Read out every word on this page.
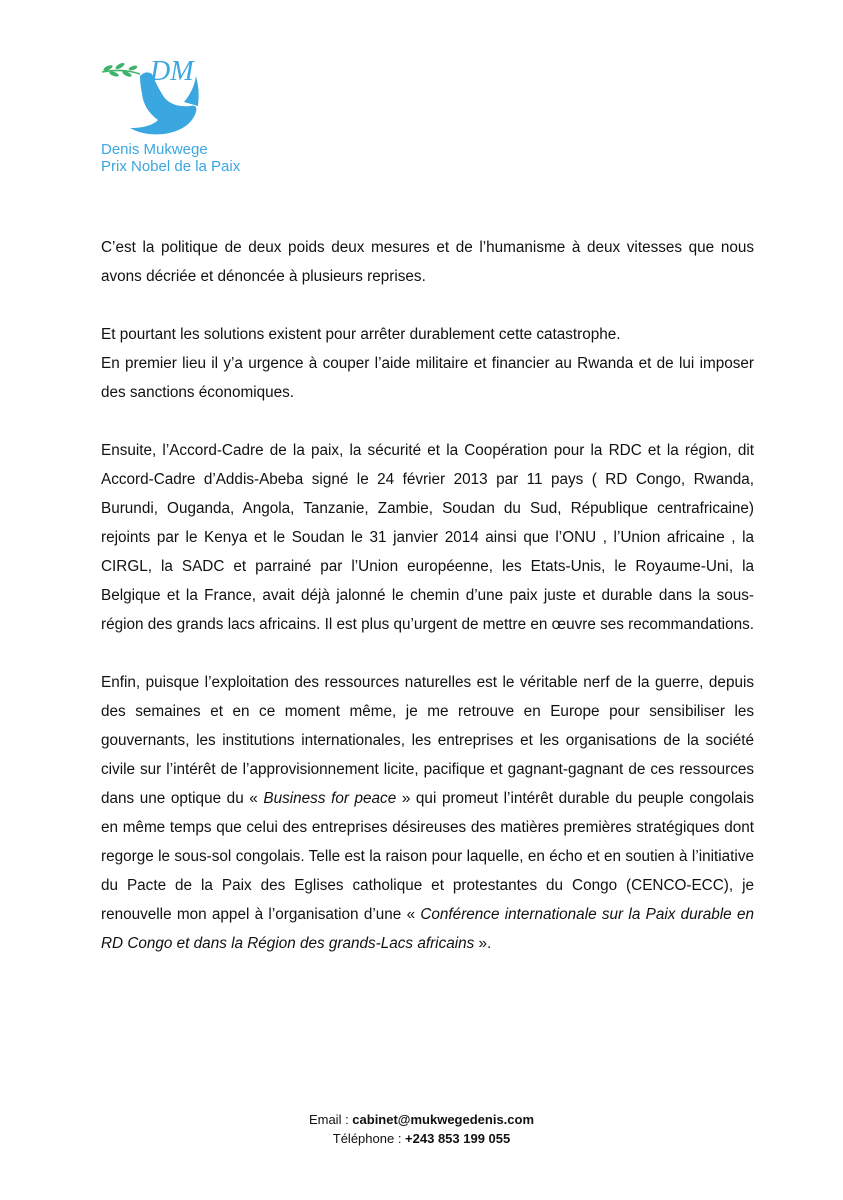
DM
Denis Mukwege
Prix Nobel de la Paix

C’est la politique de deux poids deux mesures et de l’humanisme à deux vitesses que nous avons décriée et dénoncée à plusieurs reprises.

Et pourtant les solutions existent pour arrêter durablement cette catastrophe.

En premier lieu il y’a urgence à couper l’aide militaire et financier au Rwanda et de lui imposer des sanctions économiques.

Ensuite, l’Accord-Cadre de la paix, la sécurité et la Coopération pour la RDC et la région, dit Accord-Cadre d’Addis-Abeba signé le 24 février 2013 par 11 pays ( RD Congo, Rwanda, Burundi, Ouganda, Angola, Tanzanie, Zambie, Soudan du Sud, République centrafricaine) rejoints par le Kenya et le Soudan le 31 janvier 2014 ainsi que l’ONU , l’Union africaine , la CIRGL, la SADC et parrainé par l’Union européenne, les Etats-Unis, le Royaume-Uni, la Belgique et la France, avait déjà jalonné le chemin d’une paix juste et durable dans la sous-région des grands lacs africains. Il est plus qu’urgent de mettre en œuvre ses recommandations.

Enfin, puisque l’exploitation des ressources naturelles est le véritable nerf de la guerre, depuis des semaines et en ce moment même, je me retrouve en Europe pour sensibiliser les gouvernants, les institutions internationales, les entreprises et les organisations de la société civile sur l’intérêt de l’approvisionnement licite, pacifique et gagnant-gagnant de ces ressources dans une optique du « Business for peace » qui promeut l’intérêt durable du peuple congolais en même temps que celui des entreprises désireuses des matières premières stratégiques dont regorge le sous-sol congolais. Telle est la raison pour laquelle, en écho et en soutien à l’initiative du Pacte de la Paix des Eglises catholique et protestantes du Congo (CENCO-ECC), je renouvelle mon appel à l’organisation d’une « Conférence internationale sur la Paix durable en RD Congo et dans la Région des grands-Lacs africains ».

Email : cabinet@mukwegedenis.com
Téléphone : +243 853 199 055
